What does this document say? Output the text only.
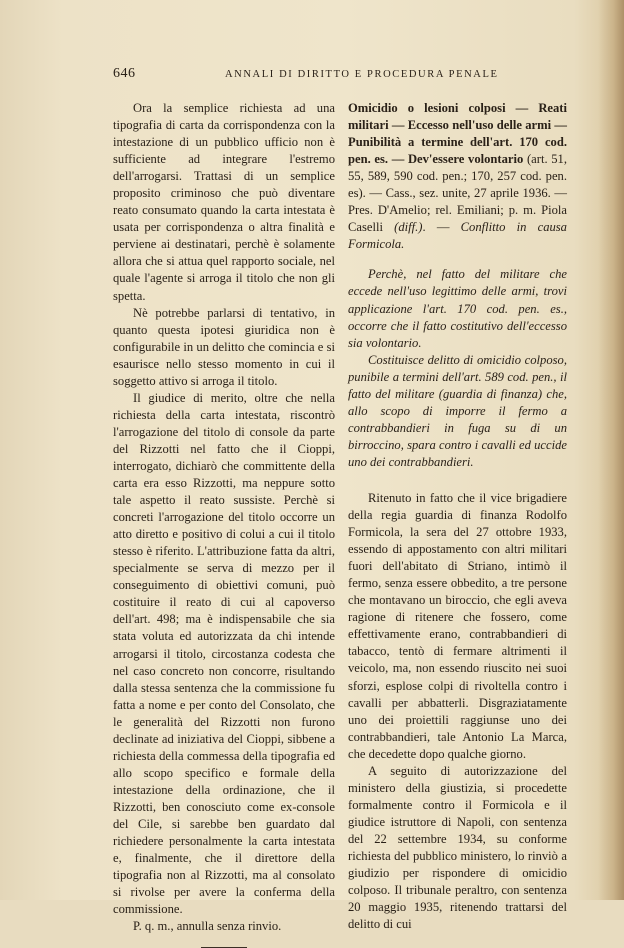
646	ANNALI DI DIRITTO E PROCEDURA PENALE

Ora la semplice richiesta ad una tipografia di carta da corrispondenza con la intestazione di un pubblico ufficio non è sufficiente ad integrare l'estremo dell'arrogarsi. Trattasi di un semplice proposito criminoso che può diventare reato consumato quando la carta intestata è usata per corrispondenza o altra finalità e perviene ai destinatari, perchè è solamente allora che si attua quel rapporto sociale, nel quale l'agente si arroga il titolo che non gli spetta.

Nè potrebbe parlarsi di tentativo, in quanto questa ipotesi giuridica non è configurabile in un delitto che comincia e si esaurisce nello stesso momento in cui il soggetto attivo si arroga il titolo.

Il giudice di merito, oltre che nella richiesta della carta intestata, riscontrò l'arrogazione del titolo di console da parte del Rizzotti nel fatto che il Cioppi, interrogato, dichiarò che committente della carta era esso Rizzotti, ma neppure sotto tale aspetto il reato sussiste. Perchè si concreti l'arrogazione del titolo occorre un atto diretto e positivo di colui a cui il titolo stesso è riferito. L'attribuzione fatta da altri, specialmente se serva di mezzo per il conseguimento di obiettivi comuni, può costituire il reato di cui al capoverso dell'art. 498; ma è indispensabile che sia stata voluta ed autorizzata da chi intende arrogarsi il titolo, circostanza codesta che nel caso concreto non concorre, risultando dalla stessa sentenza che la commissione fu fatta a nome e per conto del Consolato, che le generalità del Rizzotti non furono declinate ad iniziativa del Cioppi, sibbene a richiesta della commessa della tipografia ed allo scopo specifico e formale della intestazione della ordinazione, che il Rizzotti, ben conosciuto come ex-console del Cile, si sarebbe ben guardato dal richiedere personalmente la carta intestata e, finalmente, che il direttore della tipografia non al Rizzotti, ma al consolato si rivolse per avere la conferma della commissione.

P. q. m., annulla senza rinvio.

Omicidio o lesioni colposi — Reati militari — Eccesso nell'uso delle armi — Punibilità a termine dell'art. 170 cod. pen. es. — Dev'essere volontario (art. 51, 55, 589, 590 cod. pen.; 170, 257 cod. pen. es). — Cass., sez. unite, 27 aprile 1936. — Pres. D'Amelio; rel. Emiliani; p. m. Piola Caselli (diff.). — Conflitto in causa Formicola.

Perchè, nel fatto del militare che eccede nell'uso legittimo delle armi, trovi applicazione l'art. 170 cod. pen. es., occorre che il fatto costitutivo dell'eccesso sia volontario.

Costituisce delitto di omicidio colposo, punibile a termini dell'art. 589 cod. pen., il fatto del militare (guardia di finanza) che, allo scopo di imporre il fermo a contrabbandieri in fuga su di un birroccino, spara contro i cavalli ed uccide uno dei contrabbandieri.

Ritenuto in fatto che il vice brigadiere della regia guardia di finanza Rodolfo Formicola, la sera del 27 ottobre 1933, essendo di appostamento con altri militari fuori dell'abitato di Striano, intimò il fermo, senza essere obbedito, a tre persone che montavano un biroccio, che egli aveva ragione di ritenere che fossero, come effettivamente erano, contrabbandieri di tabacco, tentò di fermare altrimenti il veicolo, ma, non essendo riuscito nei suoi sforzi, esplose colpi di rivoltella contro i cavalli per abbatterli. Disgraziatamente uno dei proiettili raggiunse uno dei contrabbandieri, tale Antonio La Marca, che decedette dopo qualche giorno.

A seguito di autorizzazione del ministero della giustizia, si procedette formalmente contro il Formicola e il giudice istruttore di Napoli, con sentenza del 22 settembre 1934, su conforme richiesta del pubblico ministero, lo rinviò a giudizio per rispondere di omicidio colposo. Il tribunale peraltro, con sentenza 20 maggio 1935, ritenendo trattarsi del delitto di cui
